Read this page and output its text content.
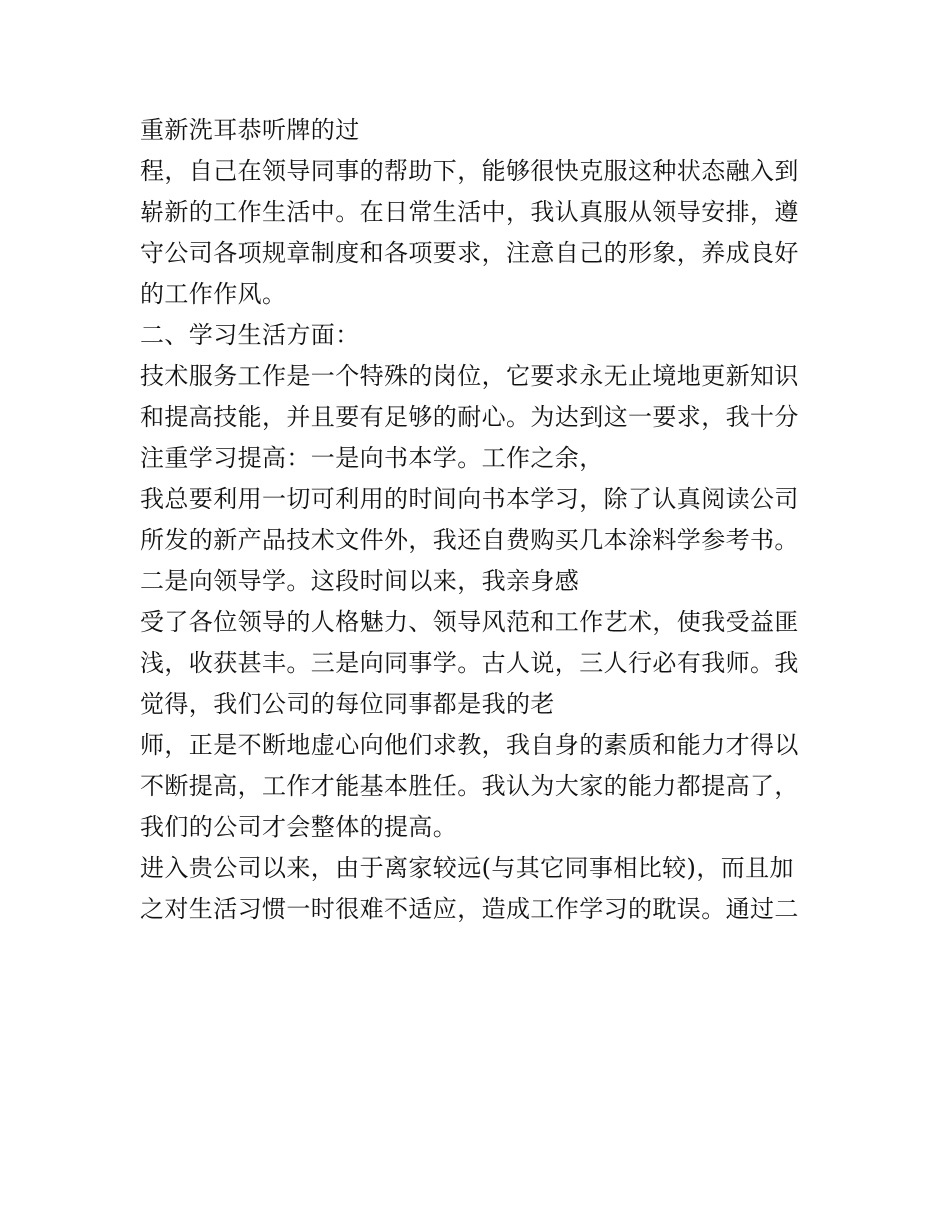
重新洗耳恭听牌的过

程，自己在领导同事的帮助下，能够很快克服这种状态融入到

崭新的工作生活中。在日常生活中，我认真服从领导安排，遵

守公司各项规章制度和各项要求，注意自己的形象，养成良好

的工作作风。

二、学习生活方面：

技术服务工作是一个特殊的岗位，它要求永无止境地更新知识

和提高技能，并且要有足够的耐心。为达到这一要求，我十分

注重学习提高：一是向书本学。工作之余，

我总要利用一切可利用的时间向书本学习，除了认真阅读公司

所发的新产品技术文件外，我还自费购买几本涂料学参考书。

二是向领导学。这段时间以来，我亲身感

受了各位领导的人格魅力、领导风范和工作艺术，使我受益匪

浅，收获甚丰。三是向同事学。古人说，三人行必有我师。我

觉得，我们公司的每位同事都是我的老

师，正是不断地虚心向他们求教，我自身的素质和能力才得以

不断提高，工作才能基本胜任。我认为大家的能力都提高了，

我们的公司才会整体的提高。

进入贵公司以来，由于离家较远(与其它同事相比较)，而且加

之对生活习惯一时很难不适应，造成工作学习的耽误。通过二
